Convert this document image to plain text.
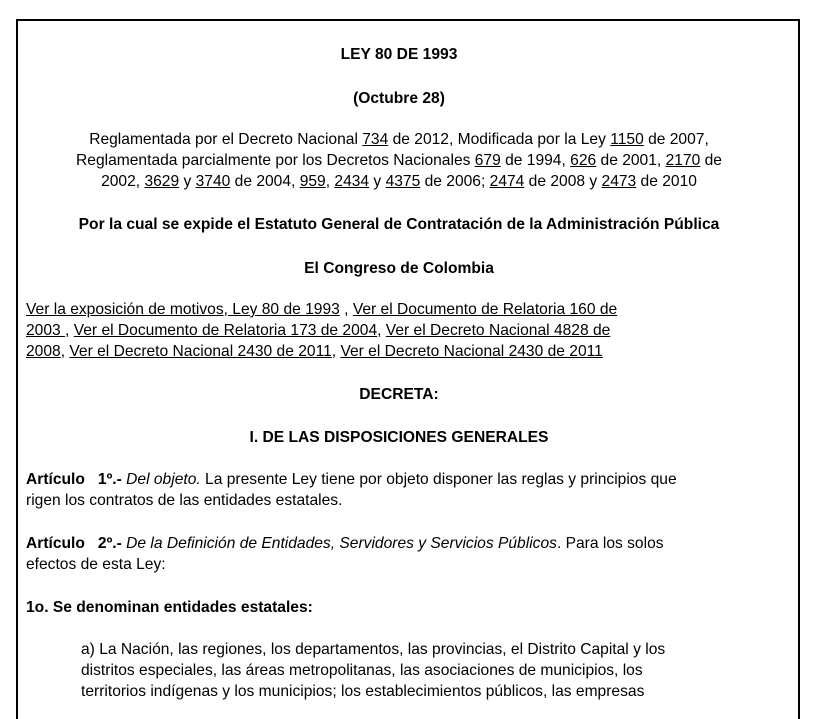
LEY 80 DE 1993
(Octubre 28)
Reglamentada por el Decreto Nacional 734 de 2012, Modificada por la Ley 1150 de 2007,
Reglamentada parcialmente por los Decretos Nacionales 679 de 1994, 626 de 2001, 2170 de
2002, 3629 y 3740 de 2004, 959, 2434 y 4375 de 2006; 2474 de 2008 y 2473 de 2010
Por la cual se expide el Estatuto General de Contratación de la Administración Pública
El Congreso de Colombia
Ver la exposición de motivos, Ley 80 de 1993 , Ver el Documento de Relatoria 160 de
2003 , Ver el Documento de Relatoria 173 de 2004, Ver el Decreto Nacional 4828 de
2008, Ver el Decreto Nacional 2430 de 2011, Ver el Decreto Nacional 2430 de 2011
DECRETA:
I. DE LAS DISPOSICIONES GENERALES
Artículo   1º.- Del objeto. La presente Ley tiene por objeto disponer las reglas y principios que
rigen los contratos de las entidades estatales.
Artículo   2º.- De la Definición de Entidades, Servidores y Servicios Públicos. Para los solos
efectos de esta Ley:
1o. Se denominan entidades estatales:
a) La Nación, las regiones, los departamentos, las provincias, el Distrito Capital y los
distritos especiales, las áreas metropolitanas, las asociaciones de municipios, los
territorios indígenas y los municipios; los establecimientos públicos, las empresas
